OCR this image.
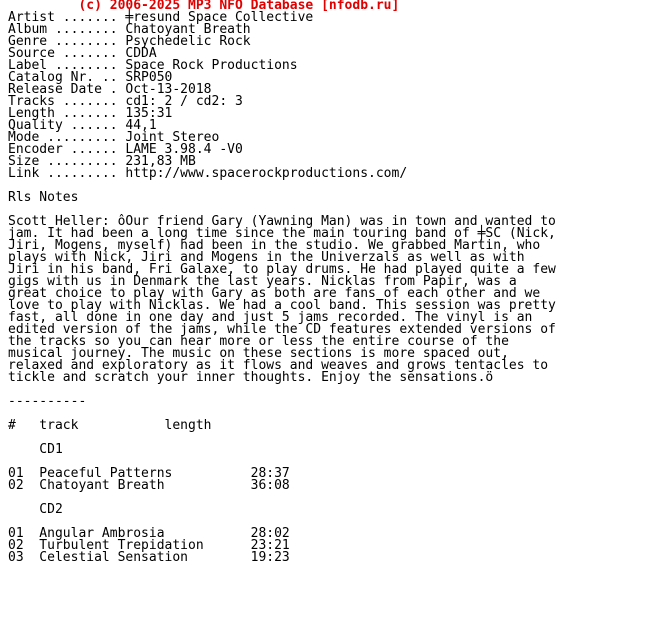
(c) 2006-2025 MP3 NFO Database [nfodb.ru]
Artist ....... ╪resund Space Collective
Album ........ Chatoyant Breath
Genre ........ Psychedelic Rock
Source ....... CDDA
Label ........ Space Rock Productions
Catalog Nr. .. SRP050
Release Date . Oct-13-2018
Tracks ....... cd1: 2 / cd2: 3
Length ....... 135:31
Quality ...... 44,1
Mode ......... Joint Stereo
Encoder ...... LAME 3.98.4 -V0
Size ......... 231,83 MB
Link ......... http://www.spacerockproductions.com/
Rls Notes
Scott Heller: ôOur friend Gary (Yawning Man) was in town and wanted to
jam. It had been a long time since the main touring band of ╪SC (Nick,
Jiri, Mogens, myself) had been in the studio. We grabbed Martin, who
plays with Nick, Jiri and Mogens in the Univerzals as well as with
Jiri in his band, Fri Galaxe, to play drums. He had played quite a few
gigs with us in Denmark the last years. Nicklas from Papir, was a
great choice to play with Gary as both are fans of each other and we
love to play with Nicklas. We had a cool band. This session was pretty
fast, all done in one day and just 5 jams recorded. The vinyl is an
edited version of the jams, while the CD features extended versions of
the tracks so you can hear more or less the entire course of the
musical journey. The music on these sections is more spaced out,
relaxed and exploratory as it flows and weaves and grows tentacles to
tickle and scratch your inner thoughts. Enjoy the sensations.ö
----------
#   track           length
CD1
01  Peaceful Patterns          28:37
02  Chatoyant Breath           36:08
CD2
01  Angular Ambrosia           28:02
02  Turbulent Trepidation      23:21
03  Celestial Sensation        19:23
